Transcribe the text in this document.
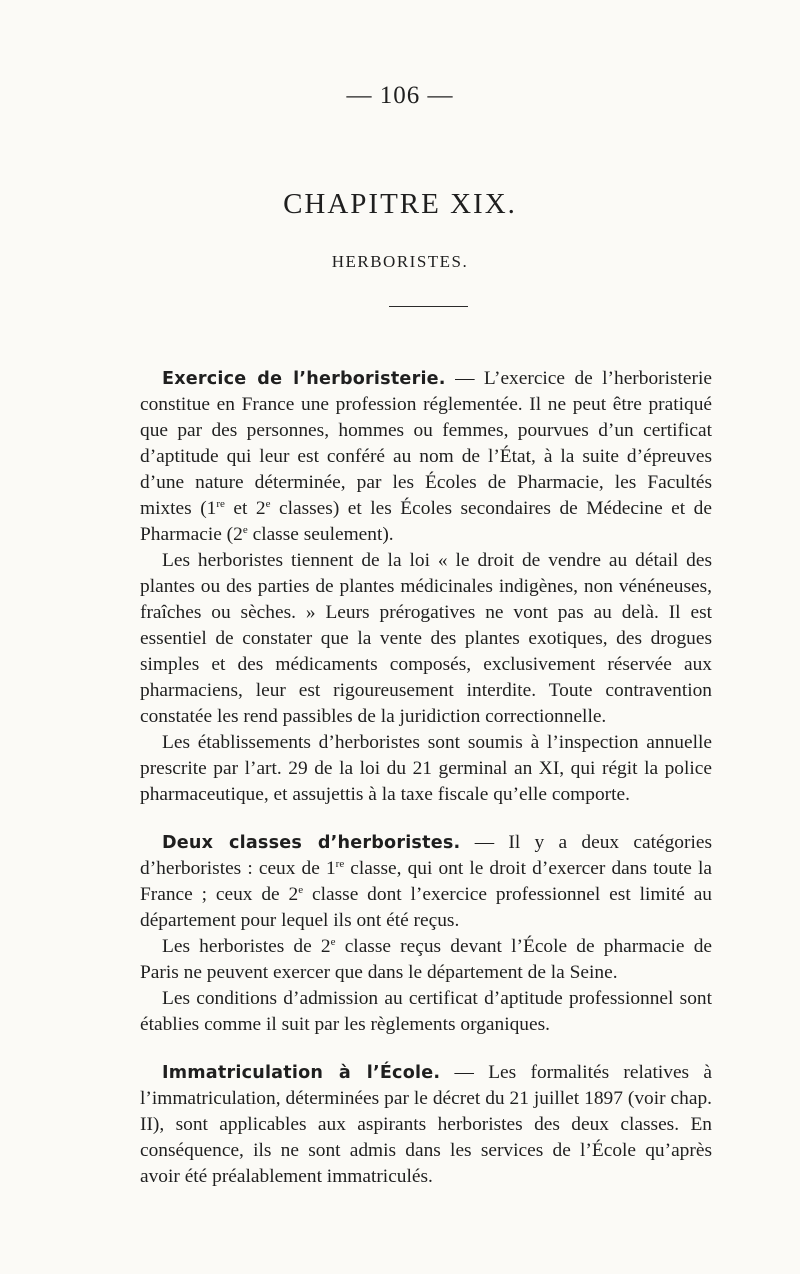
— 106 —
CHAPITRE XIX.
HERBORISTES.

Exercice de l’herboristerie. — L’exercice de l’herboristerie constitue en France une profession réglementée. Il ne peut être pratiqué que par des personnes, hommes ou femmes, pourvues d’un certificat d’aptitude qui leur est conféré au nom de l’État, à la suite d’épreuves d’une nature déterminée, par les Écoles de Pharmacie, les Facultés mixtes (1re et 2e classes) et les Écoles secondaires de Médecine et de Pharmacie (2e classe seulement).

Les herboristes tiennent de la loi « le droit de vendre au détail des plantes ou des parties de plantes médicinales indigènes, non vénéneuses, fraîches ou sèches. » Leurs prérogatives ne vont pas au delà. Il est essentiel de constater que la vente des plantes exotiques, des drogues simples et des médicaments composés, exclusivement réservée aux pharmaciens, leur est rigoureusement interdite. Toute contravention constatée les rend passibles de la juridiction correctionnelle.

Les établissements d’herboristes sont soumis à l’inspection annuelle prescrite par l’art. 29 de la loi du 21 germinal an XI, qui régit la police pharmaceutique, et assujettis à la taxe fiscale qu’elle comporte.

Deux classes d’herboristes. — Il y a deux catégories d’herboristes : ceux de 1re classe, qui ont le droit d’exercer dans toute la France ; ceux de 2e classe dont l’exercice professionnel est limité au département pour lequel ils ont été reçus.

Les herboristes de 2e classe reçus devant l’École de pharmacie de Paris ne peuvent exercer que dans le département de la Seine.

Les conditions d’admission au certificat d’aptitude professionnel sont établies comme il suit par les règlements organiques.

Immatriculation à l’École. — Les formalités relatives à l’immatriculation, déterminées par le décret du 21 juillet 1897 (voir chap. II), sont applicables aux aspirants herboristes des deux classes. En conséquence, ils ne sont admis dans les services de l’École qu’après avoir été préalablement immatriculés.
